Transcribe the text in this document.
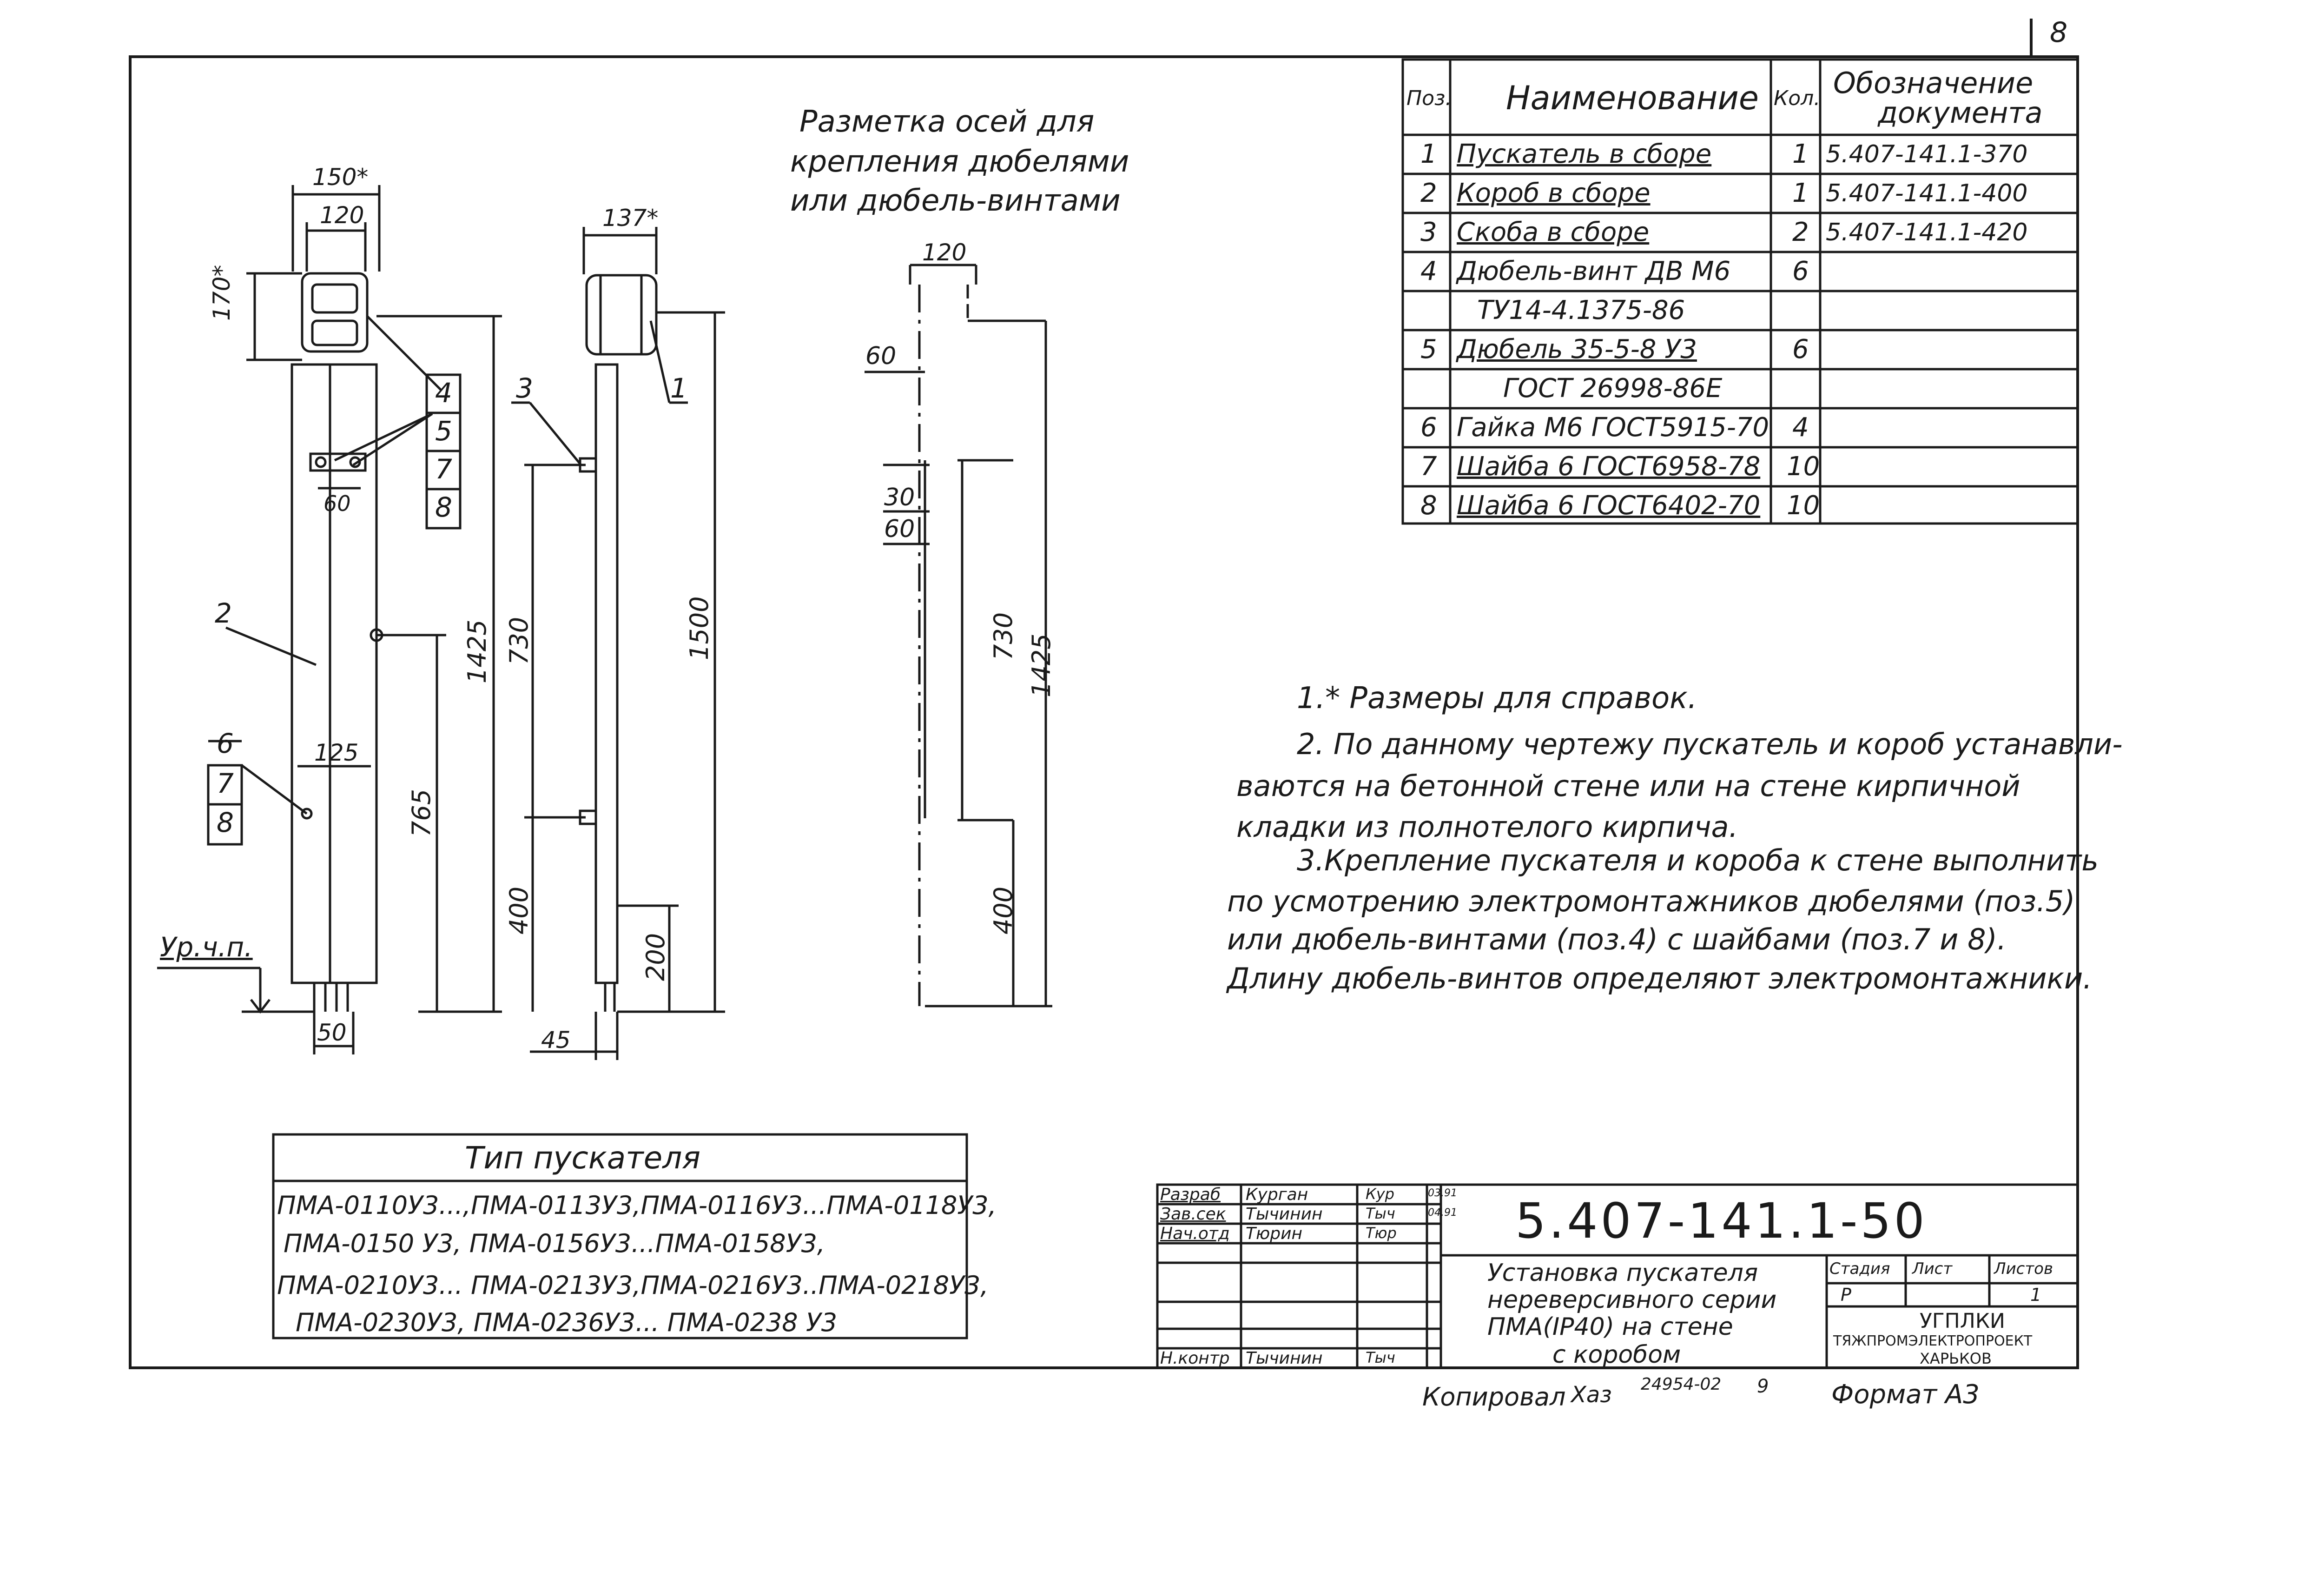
8
Разметка осей для
крепления дюбелями
или дюбель-винтами
150*
120
170*
60
125
1425
765
50
Ур.ч.п.
2
4
5
7
8
6
7
8
137*
730	1500
400
200
45
3	1
120
60
30
60
730 1425
400
Поз. Наименование Кол. Обозначение
документа
1 Пускатель в сборе	1 5.407-141.1-370
2 Короб в сборе	1 5.407-141.1-400
3 Скоба в сборе	2 5.407-141.1-420
4 Дюбель-винт ДВ М6 6
ТУ14-4.1375-86
5 Дюбель 35-5-8 У3	6
ГОСТ 26998-86Е
6 Гайка М6 ГОСТ5915-70 4
7 Шайба 6 ГОСТ6958-78 10
8 Шайба 6 ГОСТ6402-70 10
1.* Размеры для справок.
2. По данному чертежу пускатель и короб устанавли-
ваются на бетонной стене или на стене кирпичной
кладки из полнотелого кирпича.
3.Крепление пускателя и короба к стене выполнить
по усмотрению электромонтажников дюбелями (поз.5)
или дюбель-винтами (поз.4) с шайбами (поз.7 и 8).
Длину дюбель-винтов определяют электромонтажники.
Тип пускателя
ПМА-0110У3...,ПМА-0113У3,ПМА-0116У3...ПМА-0118У3,
ПМА-0150 У3, ПМА-0156У3...ПМА-0158У3,
ПМА-0210У3... ПМА-0213У3,ПМА-0216У3..ПМА-0218У3,
ПМА-0230У3, ПМА-0236У3... ПМА-0238 У3
Разраб Курган	Кур	03.91
Зав.сек Тычинин	Тыч	04.91
Нач.отд Тюрин	Тюр
Н.контр Тычинин	Тыч
5.407-141.1-50
Установка пускателя
нереверсивного серии
ПМА(IP40) на стене
с коробом
Стадия Лист	Листов
Р	1
УГПЛКИ
ТЯЖПРОМЭЛЕКТРОПРОЕКТ
ХАРЬКОВ
Копировал Хаз 24954-02 9 Формат А3
